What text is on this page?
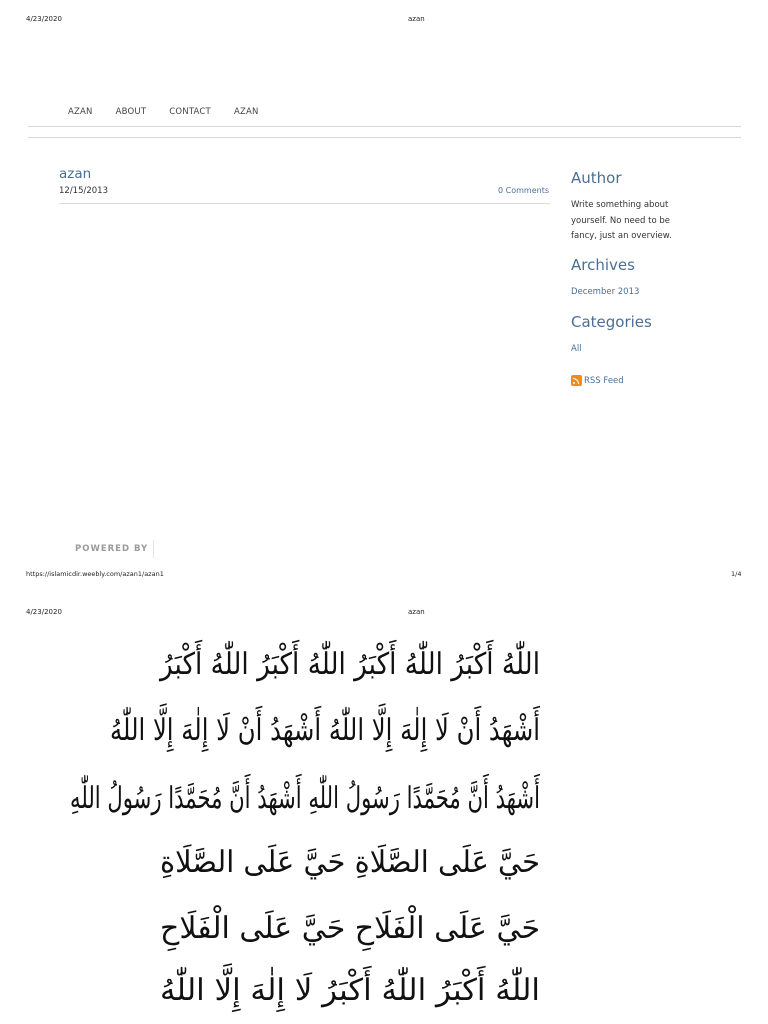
4/23/2020	azan
AZAN	ABOUT	CONTACT	AZAN
azan
12/15/2013	0 Comments
Author
Write something about yourself. No need to be fancy, just an overview.
Archives
December 2013
Categories
All
RSS Feed
POWERED BY
https://islamicdir.weebly.com/azan1/azan1	1/4
4/23/2020	azan
اللّٰهُ أَكْبَرُ اللّٰهُ أَكْبَرُ اللّٰهُ أَكْبَرُ اللّٰهُ أَكْبَرُ
أَشْهَدُ أَنْ لَا إِلٰهَ إِلَّا اللّٰهُ أَشْهَدُ أَنْ لَا إِلٰهَ إِلَّا اللّٰهُ
أَشْهَدُ أَنَّ مُحَمَّدًا رَسُولُ اللّٰهِ أَشْهَدُ أَنَّ مُحَمَّدًا رَسُولُ اللّٰهِ
حَيَّ عَلَى الصَّلَاةِ حَيَّ عَلَى الصَّلَاةِ
حَيَّ عَلَى الْفَلَاحِ حَيَّ عَلَى الْفَلَاحِ
اللّٰهُ أَكْبَرُ اللّٰهُ أَكْبَرُ لَا إِلٰهَ إِلَّا اللّٰهُ
